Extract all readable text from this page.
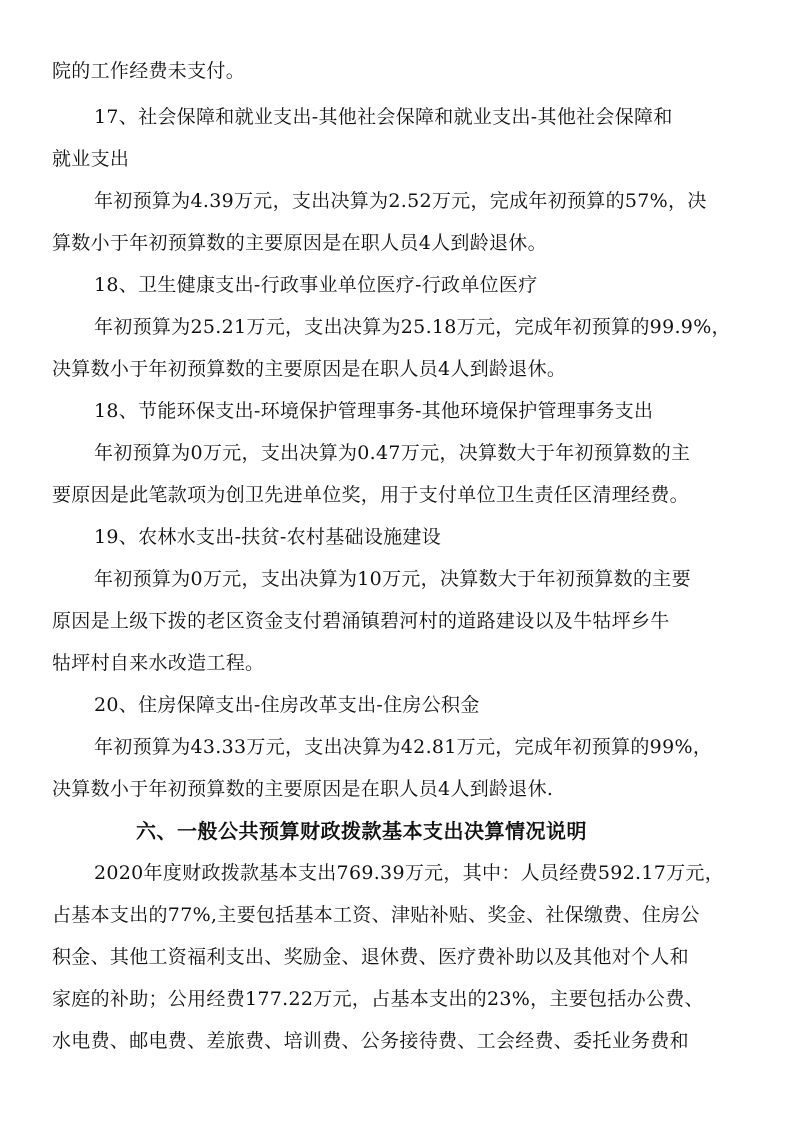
院的工作经费未支付。
17、社会保障和就业支出-其他社会保障和就业支出-其他社会保障和
就业支出
年初预算为4.39万元，支出决算为2.52万元，完成年初预算的57%，决
算数小于年初预算数的主要原因是在职人员4人到龄退休。
18、卫生健康支出-行政事业单位医疗-行政单位医疗
年初预算为25.21万元，支出决算为25.18万元，完成年初预算的99.9%，
决算数小于年初预算数的主要原因是在职人员4人到龄退休。
18、节能环保支出-环境保护管理事务-其他环境保护管理事务支出
年初预算为0万元，支出决算为0.47万元，决算数大于年初预算数的主
要原因是此笔款项为创卫先进单位奖，用于支付单位卫生责任区清理经费。
19、农林水支出-扶贫-农村基础设施建设
年初预算为0万元，支出决算为10万元，决算数大于年初预算数的主要
原因是上级下拨的老区资金支付碧涌镇碧河村的道路建设以及牛牯坪乡牛
牯坪村自来水改造工程。
20、住房保障支出-住房改革支出-住房公积金
年初预算为43.33万元，支出决算为42.81万元，完成年初预算的99%，
决算数小于年初预算数的主要原因是在职人员4人到龄退休.
六、一般公共预算财政拨款基本支出决算情况说明
2020年度财政拨款基本支出769.39万元，其中：人员经费592.17万元，
占基本支出的77%,主要包括基本工资、津贴补贴、奖金、社保缴费、住房公
积金、其他工资福利支出、奖励金、退休费、医疗费补助以及其他对个人和
家庭的补助；公用经费177.22万元，占基本支出的23%，主要包括办公费、
水电费、邮电费、差旅费、培训费、公务接待费、工会经费、委托业务费和
